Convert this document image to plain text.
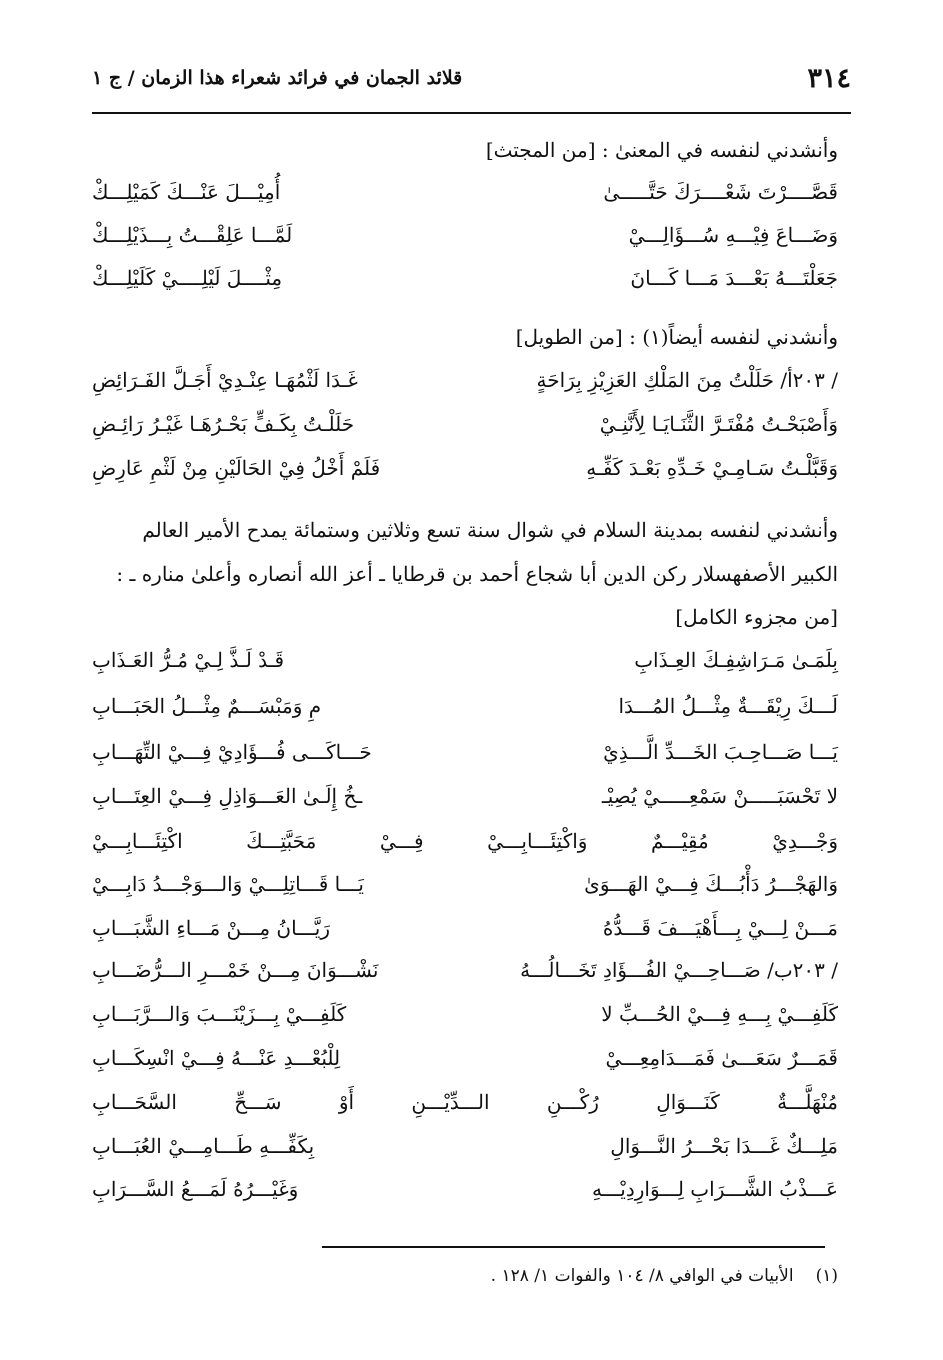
٣١٤
قلائد الجمان في فرائد شعراء هذا الزمان / ج ١
وأنشدني لنفسه في المعنىٰ : [من المجتث]
قَصَّــــرْتَ شَعْــــرَكَ حَتَّـــــىٰ
أُمِيْـــلَ عَنْـــكَ كَمَيْلِـــكْ
وَضَـــاعَ فِيْـــهِ سُـــؤَالِـــيْ
لَمَّـــا عَلِقْـــتُ بِـــذَيْلِـــكْ
جَعَلْتَـــهُ بَعْـــدَ مَـــا كَـــانَ
مِثْــــلَ لَيْلِــــيْ كَلَيْلِـــكْ
وأنشدني لنفسه أيضاً(١) : [من الطويل]
/ ٢٠٣أ/ حَلَلْتُ مِنَ المَلْكِ العَزِيْزِ بِرَاحَةٍ
غَـدَا لَثْمُهَـا عِنْـدِيْ أَجَـلَّ الفَـرَائِضِ
وَأَصْبَحْـتُ مُفْتَـرَّ الثَّنَـايَـا لِأَنَّنِـيْ
حَلَلْـتُ بِكَـفٍّ بَحْـرُهَـا غَيْـرُ رَائِـضِ
وَقَبَّلْـتُ سَـامِـيْ خَـدِّهِ بَعْـدَ كَفِّـهِ
فَلَمْ أَخْلُ فِيْ الحَالَيْنِ مِنْ لَثْمِ عَارِضِ
وأنشدني لنفسه بمدينة السلام في شوال سنة تسع وثلاثين وستمائة يمدح الأمير العالم
الكبير الأصفهسلار ركن الدين أبا شجاع أحمد بن قرطايا ـ أعز الله أنصاره وأعلىٰ مناره ـ :
[من مجزوء الكامل]
بِلَمَـىٰ مَـرَاشِفِـكَ العِـذَابِ
قَـدْ لَـذَّ لِـيْ مُـرُّ العَـذَابِ
لَـــكَ رِيْقَـــةٌ مِثْـــلُ المُـــدَا
مِ وَمَبْسَـــمٌ مِثْـــلُ الحَبَـــابِ
يَـــا صَـــاحِـبَ الخَـــدِّ الَّـــذِيْ
حَـــاكَـــى فُـــؤَادِيْ فِـــيْ التِّهَـــابِ
لا تَحْسَبَـــــنْ سَمْعِـــــيْ يُصِيْـ
ـخُ إِلَـىٰ العَـــوَاذِلِ فِـــيْ العِتَـــابِ
وَجْـــدِيْ مُقِيْـــمٌ وَاكْتِئَـــابِـــيْ فِـــيْ مَحَبَّتِـــكَ اكْتِئَـــابِـــيْ
وَالهَجْـــرُ دَأْبُـــكَ فِـــيْ الهَـــوَىٰ
يَـــا قَـــاتِلِـــيْ وَالـــوَجْـــدُ دَابِـــيْ
مَـــنْ لِـــيْ بِـــأَهْيَـــفَ قَـــدُّهُ
رَيَّـــانُ مِـــنْ مَـــاءِ الشَّبَـــابِ
/ ٢٠٣ب/ صَـــاحِـــيْ الفُـــؤَادِ تَخَـــالُـــهُ
نَشْـــوَانَ مِـــنْ خَمْـــرِ الـــرُّضَـــابِ
كَلَفِـــيْ بِـــهِ فِـــيْ الحُـــبِّ لا
كَلَفِـــيْ بِـــزَيْنَـــبَ وَالـــرَّبَـــابِ
قَمَـــرٌ سَعَـــىٰ فَمَـــدَامِعِـــيْ
لِلْبُعْـــدِ عَنْـــهُ فِـــيْ انْسِكَـــابِ
مُنْهَلَّـــةٌ كَنَـــوَالِ رُكْـــنِ الـــدِّيْـــنِ أَوْ سَـــحِّ السَّحَـــابِ
مَلِـــكٌ غَـــدَا بَحْـــرُ النَّـــوَالِ
بِكَفِّـــهِ طَـــامِـــيْ العُبَـــابِ
عَـــذْبُ الشَّـــرَابِ لِـــوَارِدِيْـــهِ
وَغَيْـــرُهُ لَمَـــعُ السَّـــرَابِ
(١)الأبيات في الوافي ٨/ ١٠٤ والفوات ١/ ١٢٨ .
